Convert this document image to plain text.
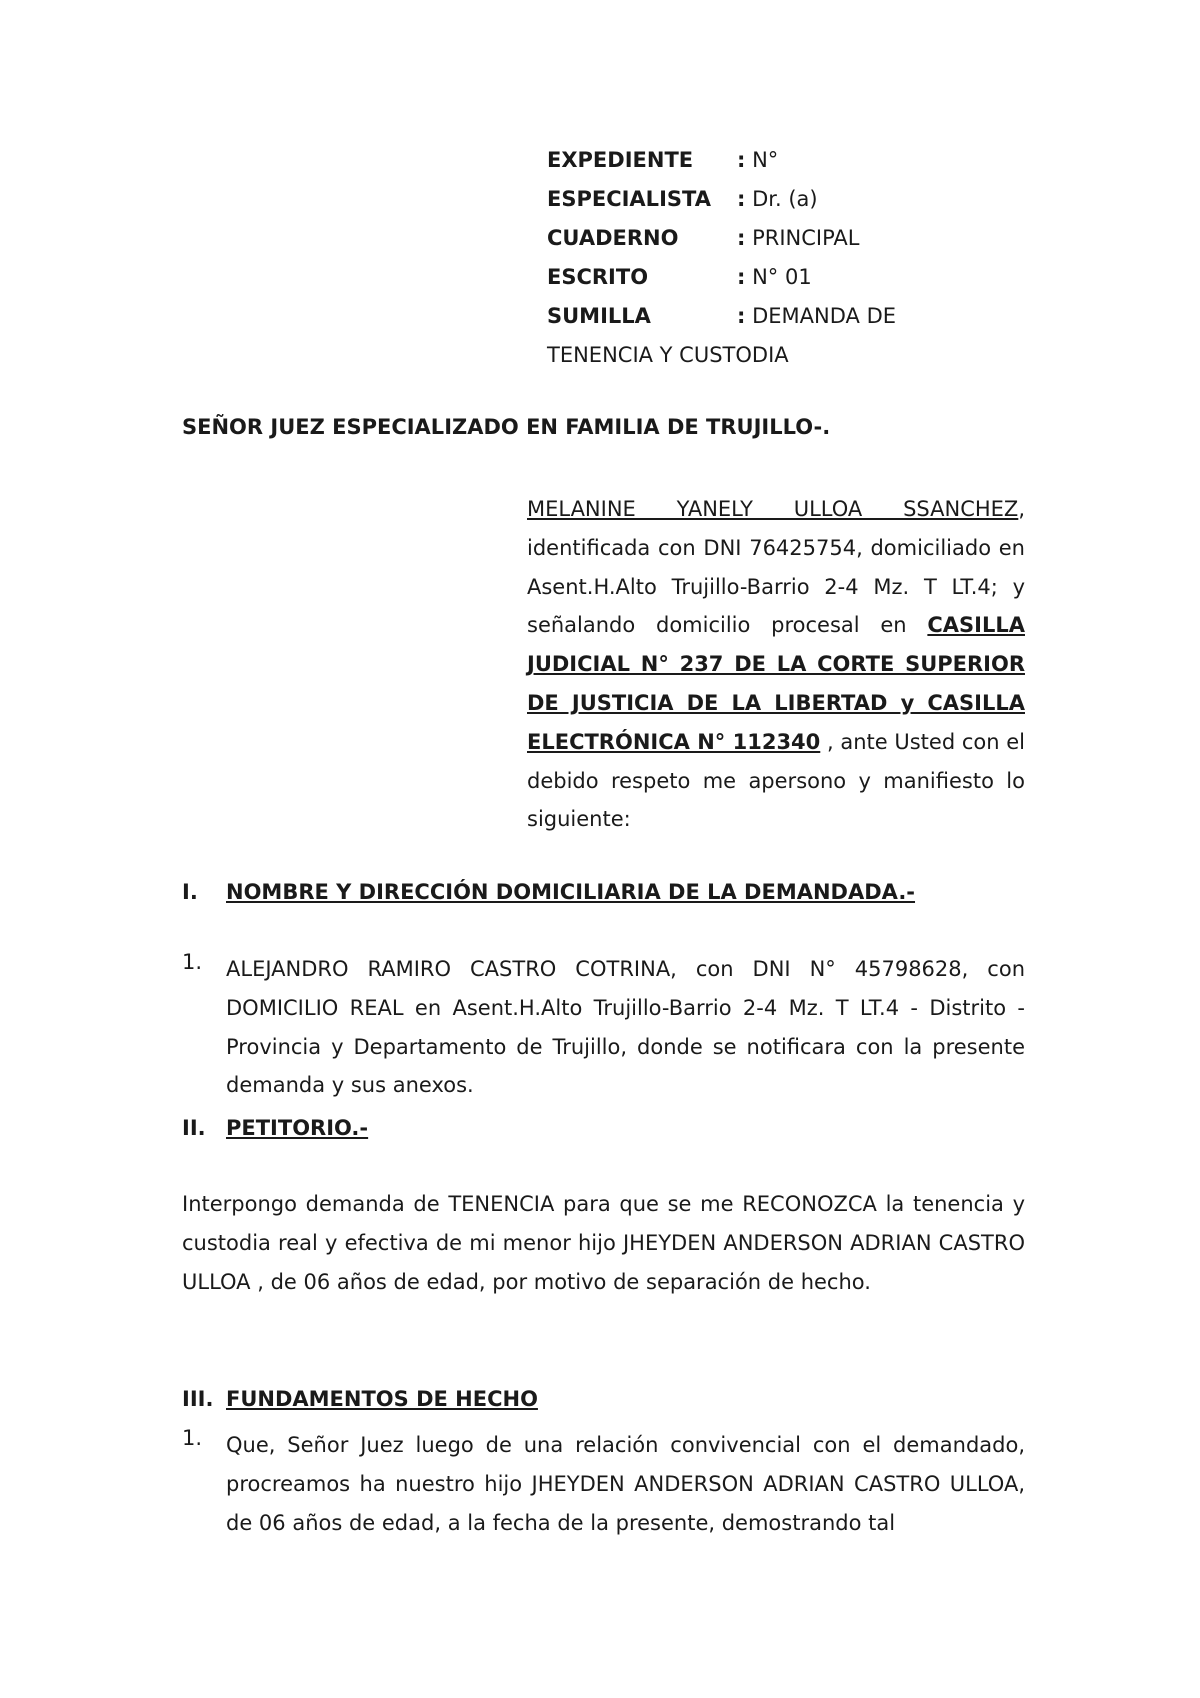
EXPEDIENTE : N°
ESPECIALISTA : Dr. (a)
CUADERNO	: PRINCIPAL
ESCRITO	: N° 01
SUMILLA	: DEMANDA DE
TENENCIA Y CUSTODIA
SEÑOR JUEZ ESPECIALIZADO EN FAMILIA DE TRUJILLO-.
MELANINE YANELY ULLOA SSANCHEZ, identificada con DNI 76425754, domiciliado en Asent.H.Alto Trujillo-Barrio 2-4 Mz. T LT.4; y señalando domicilio procesal en CASILLA JUDICIAL N° 237 DE LA CORTE SUPERIOR DE JUSTICIA DE LA LIBERTAD y CASILLA ELECTRÓNICA N° 112340 , ante Usted con el debido respeto me apersono y manifiesto lo siguiente:
I. NOMBRE Y DIRECCIÓN DOMICILIARIA DE LA DEMANDADA.-
1. ALEJANDRO RAMIRO CASTRO COTRINA, con DNI N° 45798628, con DOMICILIO REAL en Asent.H.Alto Trujillo-Barrio 2-4 Mz. T LT.4 - Distrito - Provincia y Departamento de Trujillo, donde se notificara con la presente demanda y sus anexos.
II. PETITORIO.-
Interpongo demanda de TENENCIA para que se me RECONOZCA la tenencia y custodia real y efectiva de mi menor hijo JHEYDEN ANDERSON ADRIAN CASTRO ULLOA , de 06 años de edad, por motivo de separación de hecho.
III. FUNDAMENTOS DE HECHO
1. Que, Señor Juez luego de una relación convivencial con el demandado, procreamos ha nuestro hijo JHEYDEN ANDERSON ADRIAN CASTRO ULLOA, de 06 años de edad, a la fecha de la presente, demostrando tal
